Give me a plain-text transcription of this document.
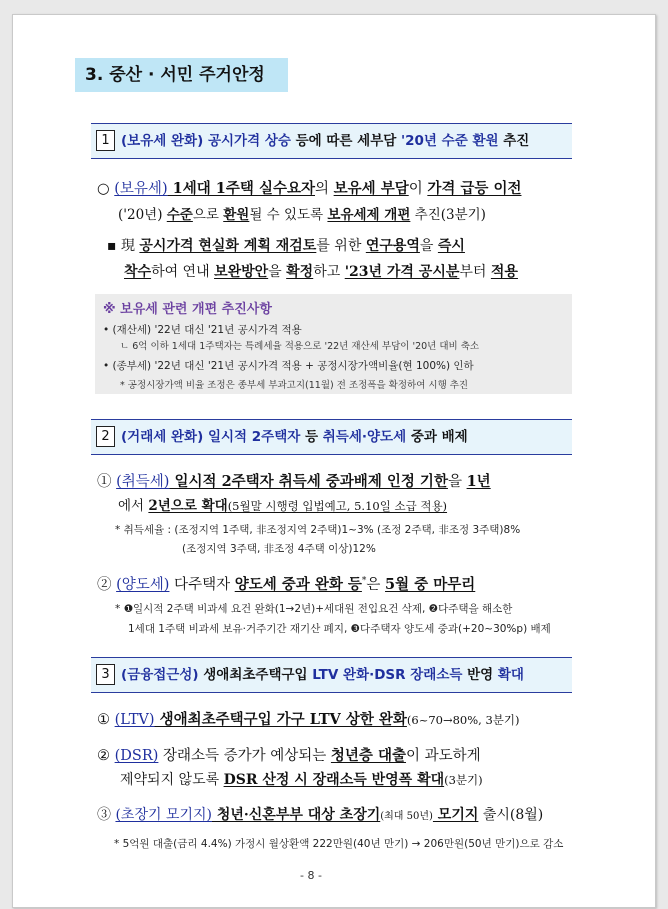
3. 중산 · 서민 주거안정
1 (보유세 완화) 공시가격 상승 등에 따른 세부담 '20년 수준 환원 추진
○ (보유세) 1세대 1주택 실수요자의 보유세 부담이 가격 급등 이전
('20년) 수준으로 환원될 수 있도록 보유세제 개편 추진(3분기)
▪ 現 공시가격 현실화 계획 재검토를 위한 연구용역을 즉시
착수하여 연내 보완방안을 확정하고 '23년 가격 공시분부터 적용
※ 보유세 관련 개편 추진사항
• (재산세) '22년 대신 '21년 공시가격 적용
ㄴ 6억 이하 1세대 1주택자는 특례세율 적용으로 '22년 재산세 부담이 '20년 대비 축소
• (종부세) '22년 대신 '21년 공시가격 적용 + 공정시장가액비율(현 100%) 인하
* 공정시장가액 비율 조정은 종부세 부과고지(11월) 전 조정폭을 확정하여 시행 추진
2 (거래세 완화) 일시적 2주택자 등 취득세·양도세 중과 배제
① (취득세) 일시적 2주택자 취득세 중과배제 인정 기한을 1년
에서 2년으로 확대(5월말 시행령 입법예고, 5.10일 소급 적용)
* 취득세율 : (조정지역 1주택, 非조정지역 2주택)1~3% (조정 2주택, 非조정 3주택)8%
(조정지역 3주택, 非조정 4주택 이상)12%
② (양도세) 다주택자 양도세 중과 완화 등*은 5월 중 마무리
* ❶일시적 2주택 비과세 요건 완화(1→2년)+세대원 전입요건 삭제, ❷다주택을 해소한
1세대 1주택 비과세 보유·거주기간 재기산 폐지, ❸다주택자 양도세 중과(+20~30%p) 배제
3 (금융접근성) 생애최초주택구입 LTV 완화·DSR 장래소득 반영 확대
① (LTV) 생애최초주택구입 가구 LTV 상한 완화(6~70→80%, 3분기)
② (DSR) 장래소득 증가가 예상되는 청년층 대출이 과도하게
제약되지 않도록 DSR 산정 시 장래소득 반영폭 확대(3분기)
③ (초장기 모기지) 청년·신혼부부 대상 초장기(최대 50년) 모기지 출시(8월)
* 5억원 대출(금리 4.4%) 가정시 월상환액 222만원(40년 만기) → 206만원(50년 만기)으로 감소
- 8 -
